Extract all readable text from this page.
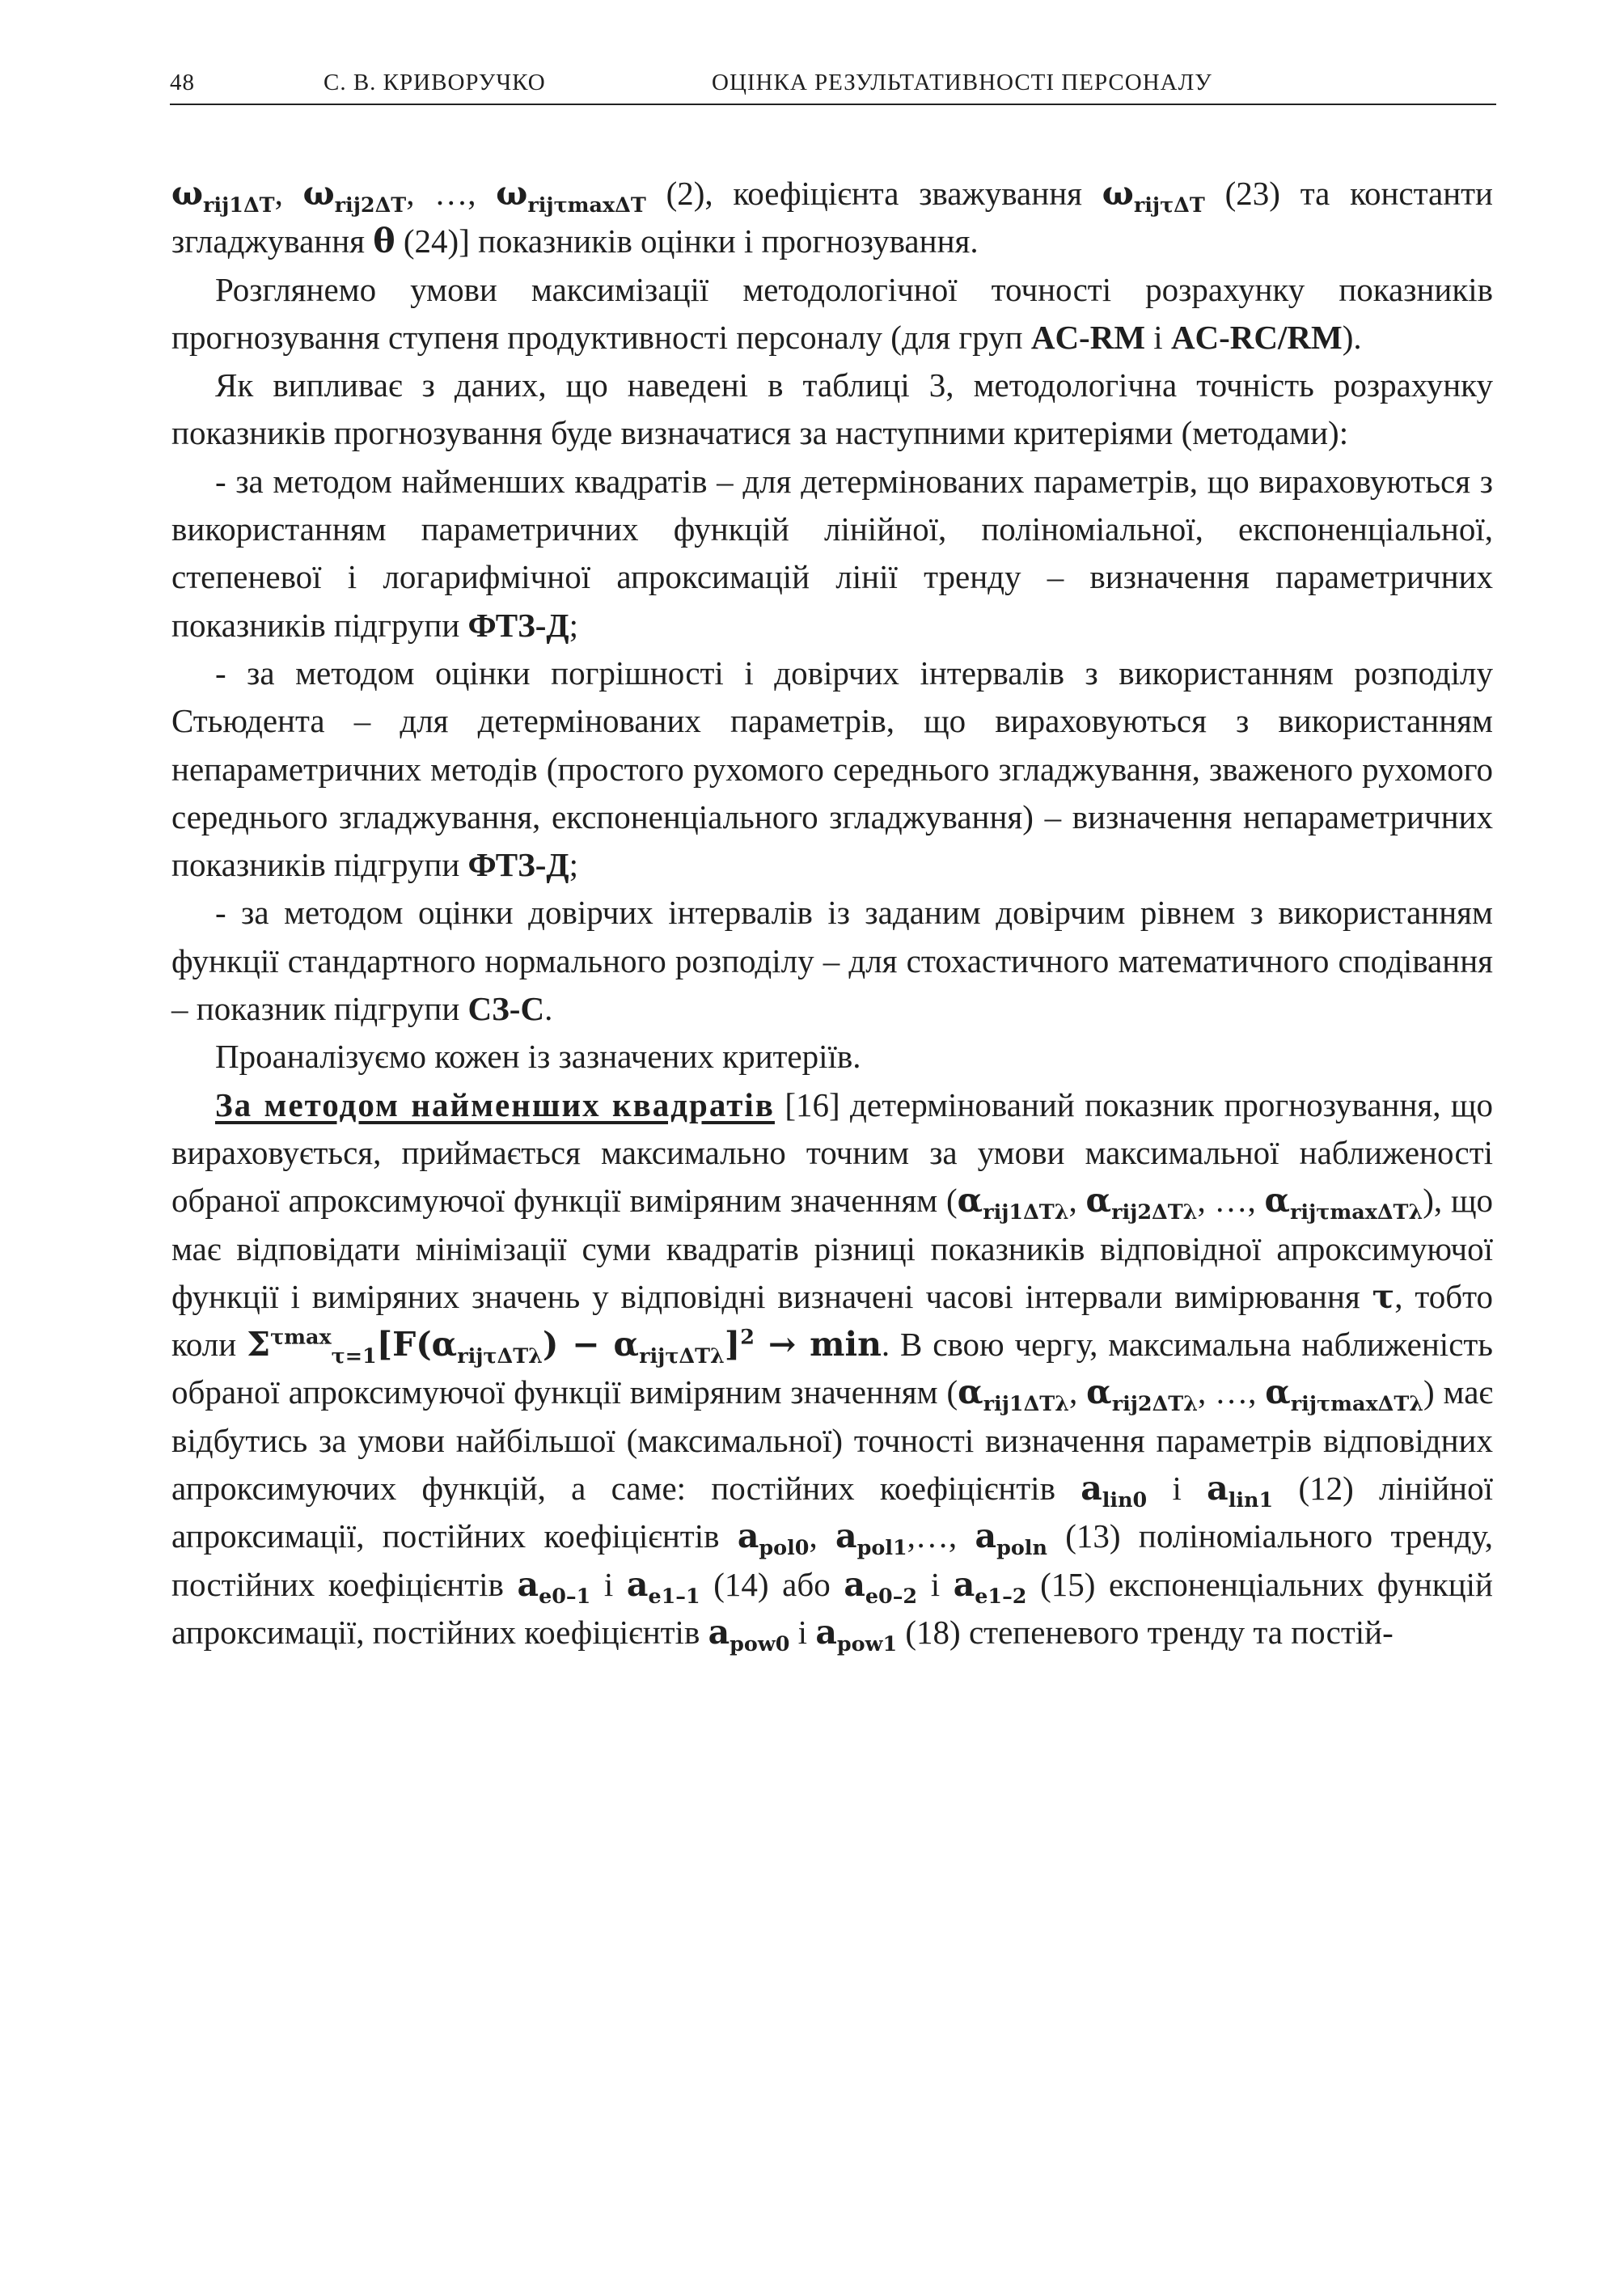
48	С. В. КРИВОРУЧКО	ОЦІНКА РЕЗУЛЬТАТИВНОСТІ ПЕРСОНАЛУ

$\omega_{rij1\Delta T}$, $\omega_{rij2\Delta T}$, …, $\omega_{rij\tau max\Delta T}$ (2), коефіцієнта зважування $\omega_{rij\tau\Delta T}$ (23) та константи згладжування θ (24)] показників оцінки і прогнозування.

Розглянемо умови максимізації методологічної точності розрахунку показників прогнозування ступеня продуктивності персоналу (для груп AC-RM і AC-RC/RM).

Як випливає з даних, що наведені в таблиці 3, методологічна точність розрахунку показників прогнозування буде визначатися за наступними критеріями (методами):

- за методом найменших квадратів – для детермінованих параметрів, що вираховуються з використанням параметричних функцій лінійної, поліноміальної, експоненціальної, степеневої і логарифмічної апроксимацій лінії тренду – визначення параметричних показників підгрупи ФТЗ-Д;

- за методом оцінки погрішності і довірчих інтервалів з використанням розподілу Стьюдента – для детермінованих параметрів, що вираховуються з використанням непараметричних методів (простого рухомого середнього згладжування, зваженого рухомого середнього згладжування, експоненціального згладжування) – визначення непараметричних показників підгрупи ФТЗ-Д;

- за методом оцінки довірчих інтервалів із заданим довірчим рівнем з використанням функції стандартного нормального розподілу – для стохастичного математичного сподівання – показник підгрупи СЗ-С.

Проаналізуємо кожен із зазначених критеріїв.

За методом найменших квадратів [16] детермінований показник прогнозування, що вираховується, приймається максимально точним за умови максимальної наближеності обраної апроксимуючої функції виміряним значенням ($\alpha_{rij1\Delta T\lambda}$, $\alpha_{rij2\Delta T\lambda}$, …, $\alpha_{rij\tau max\Delta T\lambda}$), що має відповідати мінімізації суми квадратів різниці показників відповідної апроксимуючої функції і виміряних значень у відповідні визначені часові інтервали вимірювання τ, тобто коли $\Sigma^{\tau max}_{\tau=1}[F(\alpha_{rij\tau\Delta T\lambda}) - \alpha_{rij\tau\Delta T\lambda}]^2 \to \min$. В свою чергу, максимальна наближеність обраної апроксимуючої функції виміряним значенням ($\alpha_{rij1\Delta T\lambda}$, $\alpha_{rij2\Delta T\lambda}$, …, $\alpha_{rij\tau max\Delta T\lambda}$) має відбутись за умови найбільшої (максимальної) точності визначення параметрів відповідних апроксимуючих функцій, а саме: постійних коефіцієнтів $a_{lin0}$ і $a_{lin1}$ (12) лінійної апроксимації, постійних коефіцієнтів $a_{pol0}$, $a_{pol1},\dots$, $a_{poln}$ (13) поліноміального тренду, постійних коефіцієнтів $a_{e0-1}$ і $a_{e1-1}$ (14) або $a_{e0-2}$ і $a_{e1-2}$ (15) експоненціальних функцій апроксимації, постійних коефіцієнтів $a_{pow0}$ і $a_{pow1}$ (18) степеневого тренду та постій-
